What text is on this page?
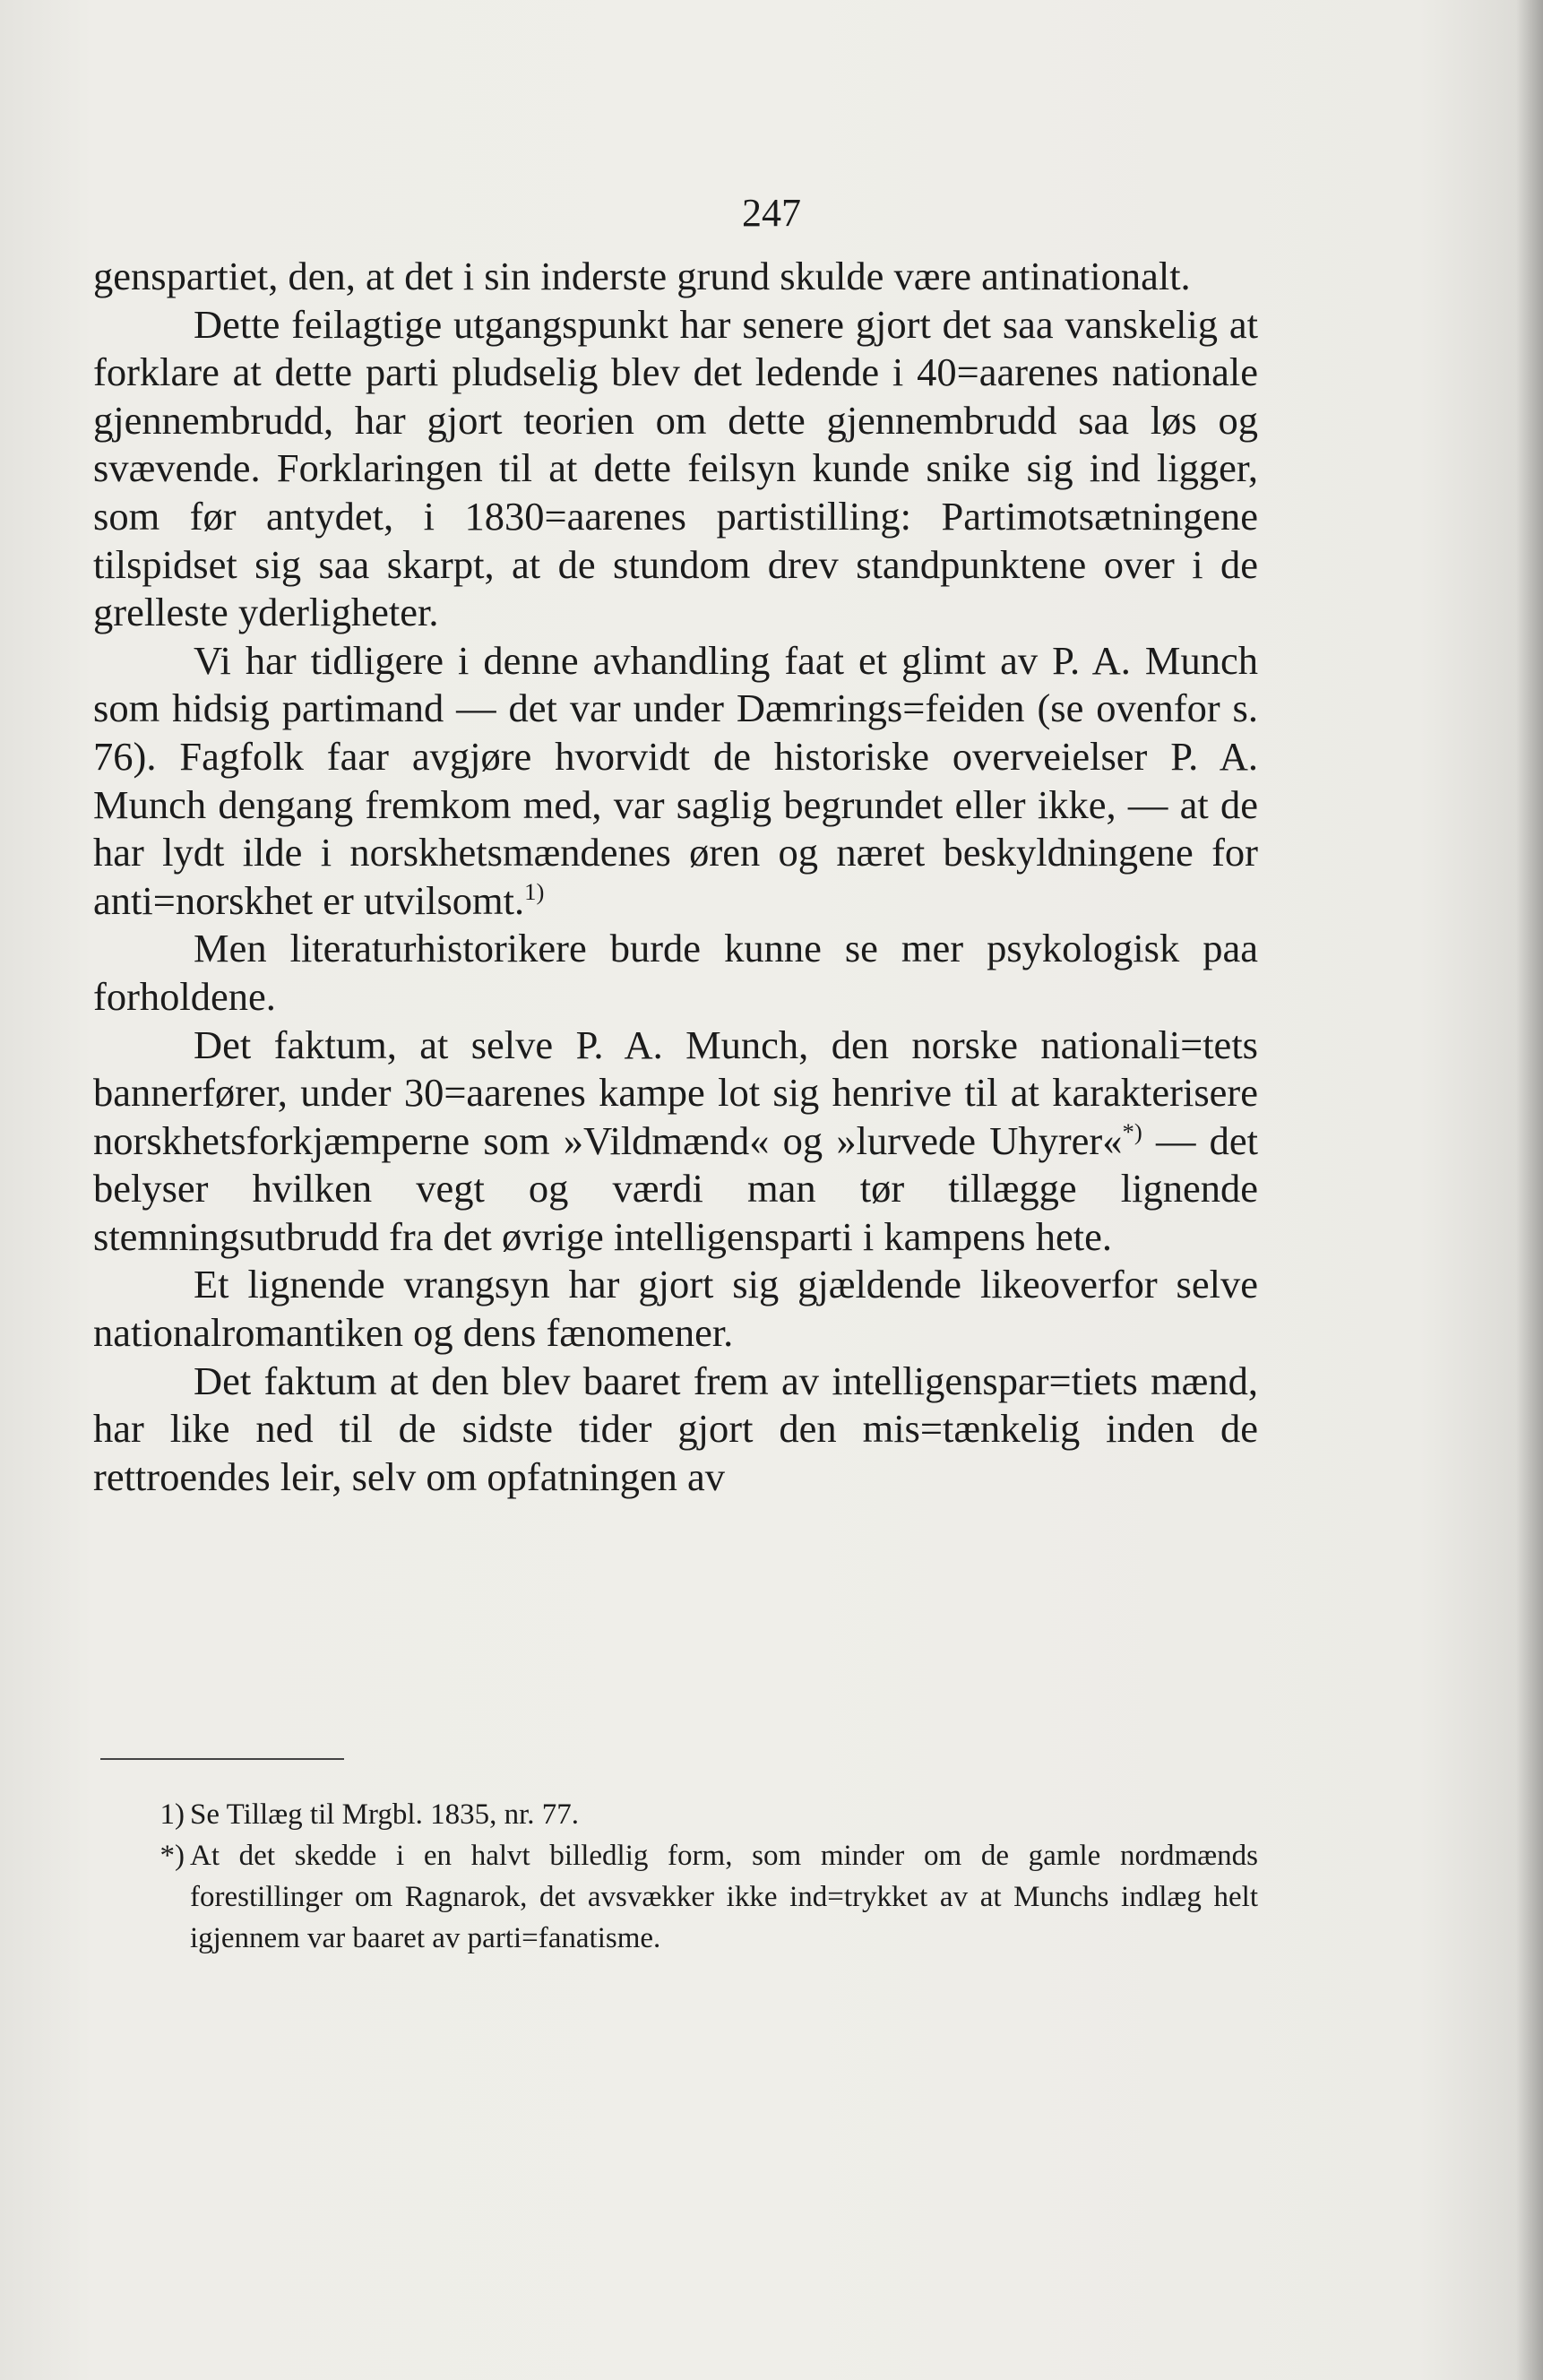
247

genspartiet, den, at det i sin inderste grund skulde være antinationalt.

Dette feilagtige utgangspunkt har senere gjort det saa vanskelig at forklare at dette parti pludselig blev det ledende i 40=aarenes nationale gjennembrudd, har gjort teorien om dette gjennembrudd saa løs og svævende. Forklaringen til at dette feilsyn kunde snike sig ind ligger, som før antydet, i 1830=aarenes partistilling: Partimotsætningene tilspidset sig saa skarpt, at de stundom drev standpunktene over i de grelleste yderligheter.

Vi har tidligere i denne avhandling faat et glimt av P. A. Munch som hidsig partimand — det var under Dæmrings=feiden (se ovenfor s. 76). Fagfolk faar avgjøre hvorvidt de historiske overveielser P. A. Munch dengang fremkom med, var saglig begrundet eller ikke, — at de har lydt ilde i norskhetsmændenes øren og næret beskyldningene for anti=norskhet er utvilsomt.$^{1)}$

Men literaturhistorikere burde kunne se mer psykologisk paa forholdene.

Det faktum, at selve P. A. Munch, den norske nationali=tets bannerfører, under 30=aarenes kampe lot sig henrive til at karakterisere norskhetsforkjæmperne som »Vildmænd« og »lurvede Uhyrer«*) — det belyser hvilken vegt og værdi man tør tillægge lignende stemningsutbrudd fra det øvrige intelligensparti i kampens hete.

Et lignende vrangsyn har gjort sig gjældende likeoverfor selve nationalromantiken og dens fænomener.

Det faktum at den blev baaret frem av intelligenspar=tiets mænd, har like ned til de sidste tider gjort den mis=tænkelig inden de rettroendes leir, selv om opfatningen av

1) Se Tillæg til Mrgbl. 1835, nr. 77.

*) At det skedde i en halvt billedlig form, som minder om de gamle nordmænds forestillinger om Ragnarok, det avsvækker ikke ind=trykket av at Munchs indlæg helt igjennem var baaret av parti=fanatisme.
